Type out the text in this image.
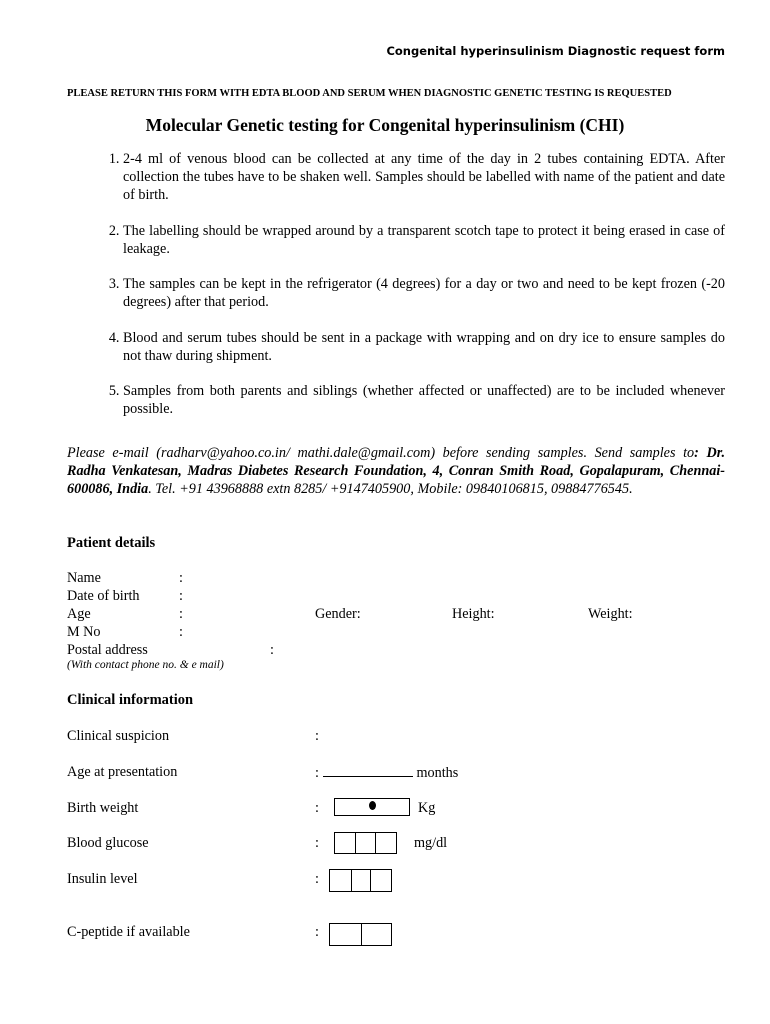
Congenital hyperinsulinism Diagnostic request form
PLEASE RETURN THIS FORM WITH EDTA BLOOD AND SERUM WHEN DIAGNOSTIC GENETIC TESTING IS REQUESTED
Molecular Genetic testing for Congenital hyperinsulinism (CHI)
1. 2-4 ml of venous blood can be collected at any time of the day in 2 tubes containing EDTA. After collection the tubes have to be shaken well. Samples should be labelled with name of the patient and date of birth.
2. The labelling should be wrapped around by a transparent scotch tape to protect it being erased in case of leakage.
3. The samples can be kept in the refrigerator (4 degrees) for a day or two and need to be kept frozen (-20 degrees) after that period.
4. Blood and serum tubes should be sent in a package with wrapping and on dry ice to ensure samples do not thaw during shipment.
5. Samples from both parents and siblings (whether affected or unaffected) are to be included whenever possible.
Please e-mail (radharv@yahoo.co.in/ mathi.dale@gmail.com) before sending samples. Send samples to: Dr. Radha Venkatesan, Madras Diabetes Research Foundation, 4, Conran Smith Road, Gopalapuram, Chennai-600086, India. Tel. +91 43968888 extn 8285/ +9147405900, Mobile: 09840106815, 09884776545.
Patient details
Name	:
Date of birth	:
Age	:	Gender:	Height:	Weight:
M No	:
Postal address	:
(With contact phone no. & e mail)
Clinical information
Clinical suspicion	:
Age at presentation	:	months
Birth weight	:	Kg
Blood glucose	:	mg/dl
Insulin level	:
C-peptide if available	:
